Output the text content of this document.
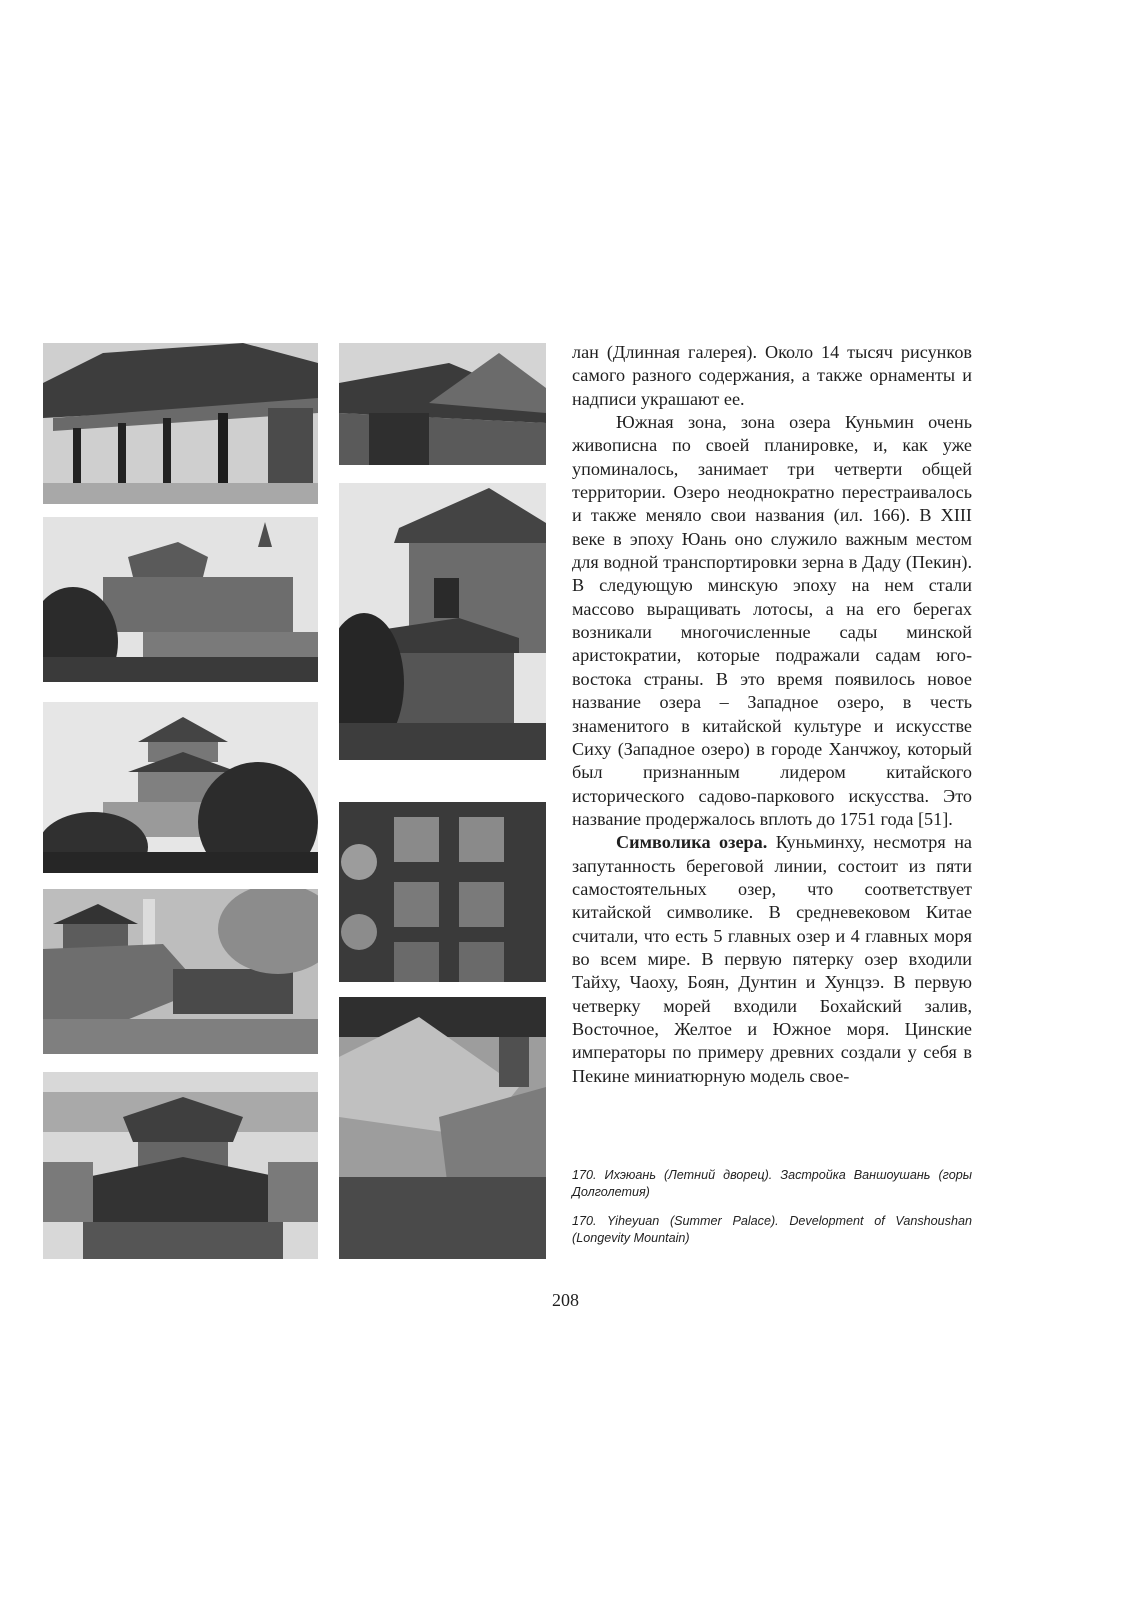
лан (Длинная галерея). Около 14 тысяч рисунков самого разного содержания, а также орнаменты и надписи украшают ее.

Южная зона, зона озера Куньмин очень живописна по своей планировке, и, как уже упоминалось, занимает три четверти общей территории. Озеро неоднократно перестраивалось и также меняло свои названия (ил. 166). В XIII веке в эпоху Юань оно служило важным местом для водной транспортировки зерна в Даду (Пекин). В следующую минскую эпоху на нем стали массово выращивать лотосы, а на его берегах возникали многочисленные сады минской аристократии, которые подражали садам юго-востока страны. В это время появилось новое название озера – Западное озеро, в честь знаменитого в китайской культуре и искусстве Сиху (Западное озеро) в городе Ханчжоу, который был признанным лидером китайского исторического садово-паркового искусства. Это название продержалось вплоть до 1751 года [51].

Символика озера. Куньминху, несмотря на запутанность береговой линии, состоит из пяти самостоятельных озер, что соответствует китайской символике. В средневековом Китае считали, что есть 5 главных озер и 4 главных моря во всем мире. В первую пятерку озер входили Тайху, Чаоху, Боян, Дунтин и Хунцзэ. В первую четверку морей входили Бохайский залив, Восточное, Желтое и Южное моря. Цинские императоры по примеру древних создали у себя в Пекине миниатюрную модель свое-

170. Ихэюань (Летний дворец). Застройка Ваншоушань (горы Долголетия)
170. Yiheyuan (Summer Palace). Development of Vanshoushan (Longevity Mountain)
208
